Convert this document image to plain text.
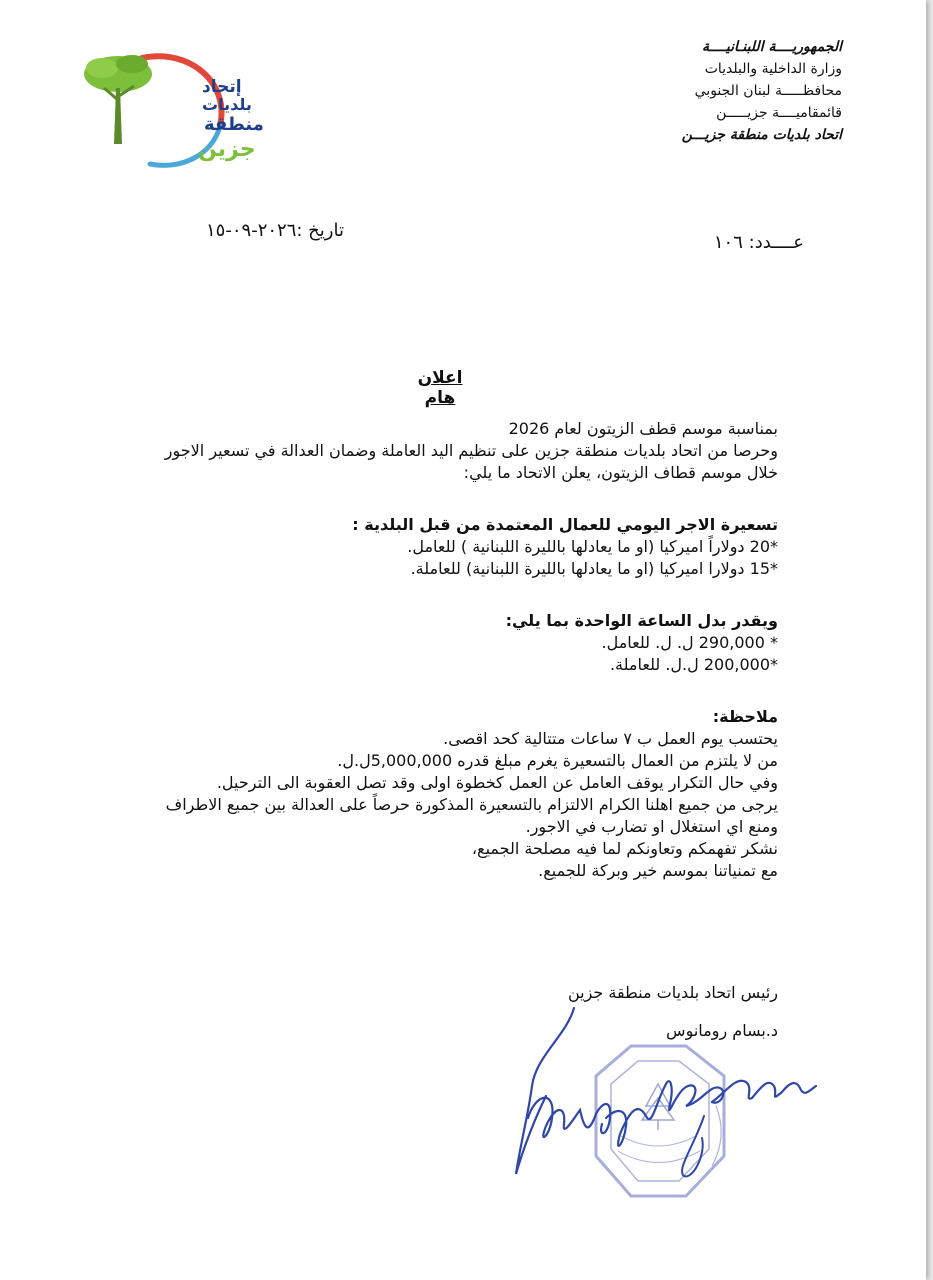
الجمهوريــــة اللبنـانيــــة
وزارة الداخلية والبلديات
محافظـــــة لبنان الجنوبي
قائمقاميــــة جزيـــــن
اتحاد بلديات منطقة جزيـــن
إتحاد
بلديات
منطقة
جزين
تاريخ :٢٠٢٦-٠٩-١٥
عــــدد: ١٠٦
اعلان هام

بمناسبة موسم قطف الزيتون لعام 2026

وحرصا من اتحاد بلديات منطقة جزين على تنظيم اليد العاملة وضمان العدالة في تسعير الاجور

خلال موسم قطاف الزيتون، يعلن الاتحاد ما يلي:

تسعيرة الاجر اليومي للعمال المعتمدة من قبل البلدية :

*20 دولاراً اميركيا (او ما يعادلها بالليرة اللبنانية ) للعامل.

*15 دولارا اميركيا (او ما يعادلها بالليرة اللبنانية) للعاملة.

ويقدر بدل الساعة الواحدة بما يلي:

* 290,000 ل. ل. للعامل.

*200,000 ل.ل. للعاملة.

ملاحظة:

يحتسب يوم العمل ب ٧ ساعات متتالية كحد اقصى.

من لا يلتزم من العمال بالتسعيرة يغرم مبلغ قدره 5,000,000ل.ل.

وفي حال التكرار يوقف العامل عن العمل كخطوة اولى وقد تصل العقوبة الى الترحيل.

يرجى من جميع اهلنا الكرام الالتزام بالتسعيرة المذكورة حرصاً على العدالة بين جميع الاطراف

ومنع اي استغلال او تضارب في الاجور.

نشكر تفهمكم وتعاونكم لما فيه مصلحة الجميع،

مع تمنياتنا بموسم خير وبركة للجميع.

رئيس اتحاد بلديات منطقة جزين
د.بسام رومانوس
